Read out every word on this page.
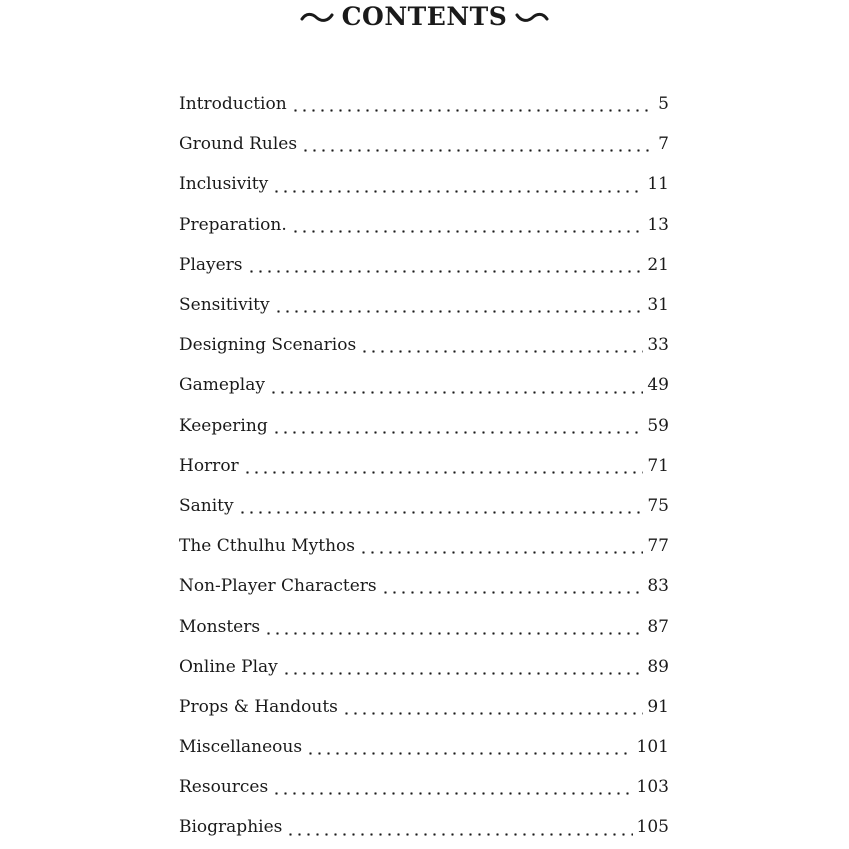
CONTENTS
Introduction	5
Ground Rules	7
Inclusivity	11
Preparation.	13
Players	21
Sensitivity	31
Designing Scenarios	33
Gameplay	49
Keepering	59
Horror	71
Sanity	75
The Cthulhu Mythos	77
Non-Player Characters	83
Monsters	87
Online Play	89
Props & Handouts	91
Miscellaneous	101
Resources	103
Biographies	105
